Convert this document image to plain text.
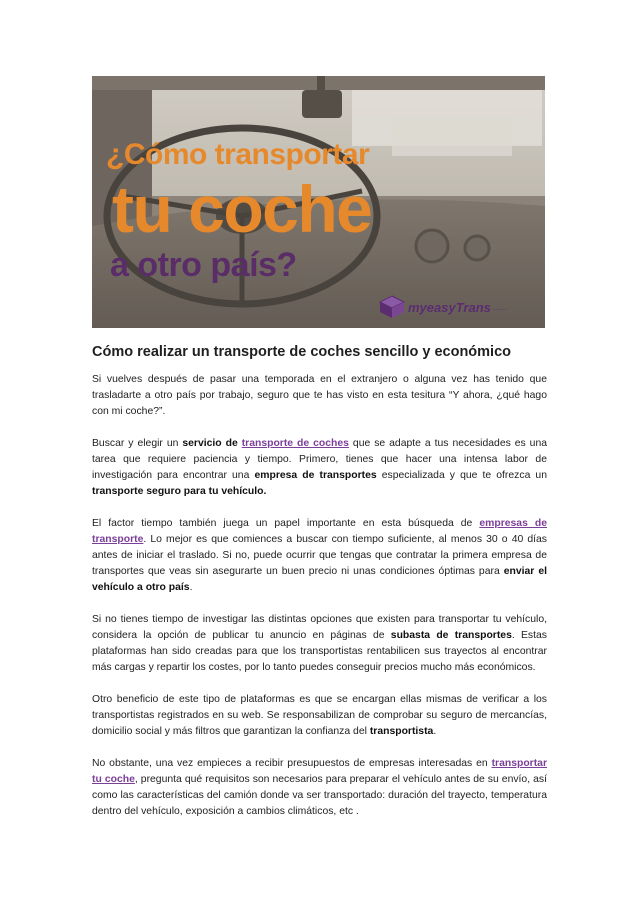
¿Cómo transportar
tu coche
a otro país?
myeasyTrans ......
Cómo realizar un transporte de coches sencillo y económico

Si vuelves después de pasar una temporada en el extranjero o alguna vez has tenido que trasladarte a otro país por trabajo, seguro que te has visto en esta tesitura “Y ahora, ¿qué hago con mi coche?”.

Buscar y elegir un servicio de transporte de coches que se adapte a tus necesidades es una tarea que requiere paciencia y tiempo. Primero, tienes que hacer una intensa labor de investigación para encontrar una empresa de transportes especializada y que te ofrezca un transporte seguro para tu vehículo.

El factor tiempo también juega un papel importante en esta búsqueda de empresas de transporte. Lo mejor es que comiences a buscar con tiempo suficiente, al menos 30 o 40 días antes de iniciar el traslado. Si no, puede ocurrir que tengas que contratar la primera empresa de transportes que veas sin asegurarte un buen precio ni unas condiciones óptimas para enviar el vehículo a otro país.

Si no tienes tiempo de investigar las distintas opciones que existen para transportar tu vehículo, considera la opción de publicar tu anuncio en páginas de subasta de transportes. Estas plataformas han sido creadas para que los transportistas rentabilicen sus trayectos al encontrar más cargas y repartir los costes, por lo tanto puedes conseguir precios mucho más económicos.

Otro beneficio de este tipo de plataformas es que se encargan ellas mismas de verificar a los transportistas registrados en su web. Se responsabilizan de comprobar su seguro de mercancías, domicilio social y más filtros que garantizan la confianza del transportista.

No obstante, una vez empieces a recibir presupuestos de empresas interesadas en transportar tu coche, pregunta qué requisitos son necesarios para preparar el vehículo antes de su envío, así como las características del camión donde va ser transportado: duración del trayecto, temperatura dentro del vehículo, exposición a cambios climáticos, etc .
